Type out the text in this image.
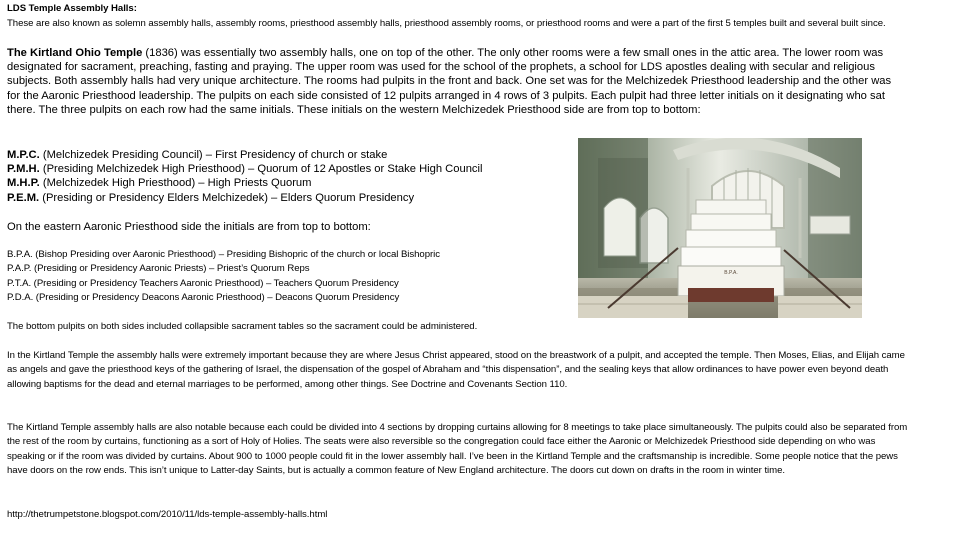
LDS Temple Assembly Halls:

These are also known as solemn assembly halls, assembly rooms, priesthood assembly halls, priesthood assembly rooms, or priesthood rooms and were a part of the first 5 temples built and several built since.

The Kirtland Ohio Temple (1836) was essentially two assembly halls, one on top of the other. The only other rooms were a few small ones in the attic area. The lower room was designated for sacrament, preaching, fasting and praying. The upper room was used for the school of the prophets, a school for LDS apostles dealing with secular and religious subjects. Both assembly halls had very unique architecture. The rooms had pulpits in the front and back. One set was for the Melchizedek Priesthood leadership and the other was for the Aaronic Priesthood leadership. The pulpits on each side consisted of 12 pulpits arranged in 4 rows of 3 pulpits. Each pulpit had three letter initials on it designating who sat there. The three pulpits on each row had the same initials. These initials on the western Melchizedek Priesthood side are from top to bottom:

M.P.C. (Melchizedek Presiding Council) – First Presidency of church or stake
P.M.H. (Presiding Melchizedek High Priesthood) – Quorum of 12 Apostles or Stake High Council
M.H.P. (Melchizedek High Priesthood) – High Priests Quorum
P.E.M. (Presiding or Presidency Elders Melchizedek) – Elders Quorum Presidency

On the eastern Aaronic Priesthood side the initials are from top to bottom:

B.P.A. (Bishop Presiding over Aaronic Priesthood) – Presiding Bishopric of the church or local Bishopric
P.A.P. (Presiding or Presidency Aaronic Priests) – Priest’s Quorum Reps
P.T.A. (Presiding or Presidency Teachers Aaronic Priesthood) – Teachers Quorum Presidency
P.D.A. (Presiding or Presidency Deacons Aaronic Priesthood) – Deacons Quorum Presidency

The bottom pulpits on both sides included collapsible sacrament tables so the sacrament could be administered.

In the Kirtland Temple the assembly halls were extremely important because they are where Jesus Christ appeared, stood on the breastwork of a pulpit, and accepted the temple. Then Moses, Elias, and Elijah came as angels and gave the priesthood keys of the gathering of Israel, the dispensation of the gospel of Abraham and “this dispensation”, and the sealing keys that allow ordinances to have power even beyond death allowing baptisms for the dead and eternal marriages to be performed, among other things. See Doctrine and Covenants Section 110.

The Kirtland Temple assembly halls are also notable because each could be divided into 4 sections by dropping curtains allowing for 8 meetings to take place simultaneously. The pulpits could also be separated from the rest of the room by curtains, functioning as a sort of Holy of Holies. The seats were also reversible so the congregation could face either the Aaronic or Melchizedek Priesthood side depending on who was speaking or if the room was divided by curtains. About 900 to 1000 people could fit in the lower assembly hall. I’ve been in the Kirtland Temple and the craftsmanship is incredible. Some people notice that the pews have doors on the row ends. This isn’t unique to Latter-day Saints, but is actually a common feature of New England architecture. The doors cut down on drafts in the room in winter time.

http://thetrumpetstone.blogspot.com/2010/11/lds-temple-assembly-halls.html

B.P.A.
